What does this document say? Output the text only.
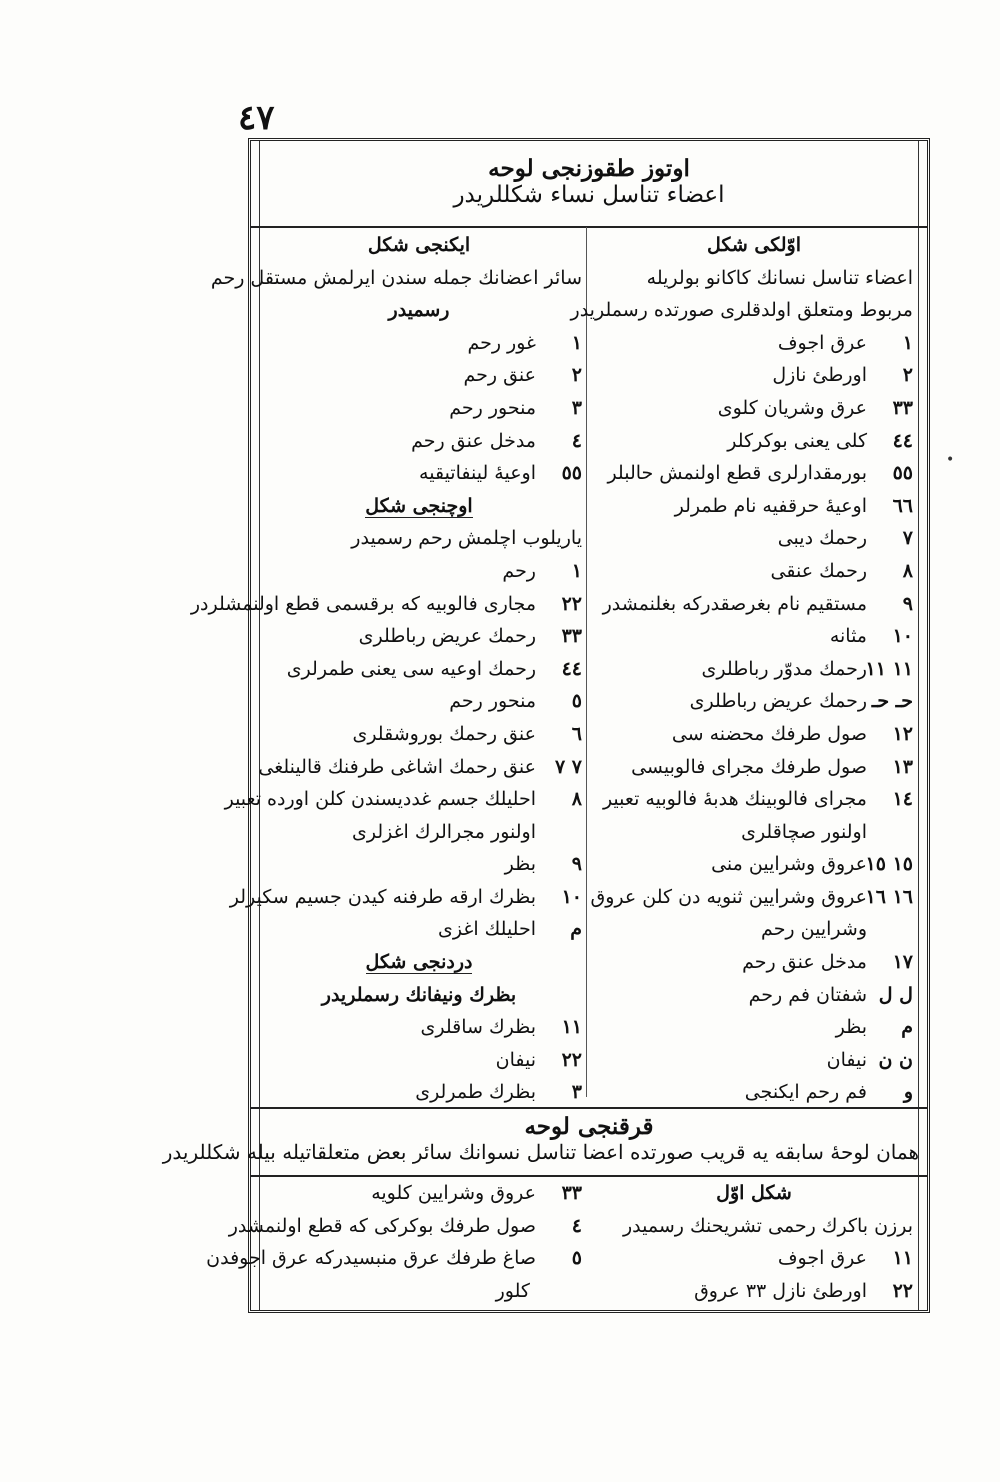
٤٧
اوتوز طقوزنجی لوحه
اعضاء تناسل نساء شكللريدر
اوّلكی شكل
اعضاء تناسل نسانك كاكانو بولريله
مربوط ومتعلق اولدقلری صورتده رسملريدر
١عرق اجوف
٢اورطئ نازل
٣٣عرق وشريان كلوی
٤٤كلی يعنی بوكركلر
٥٥بورمقدارلری قطع اولنمش حالبلر
٦٦اوعيهٔ حرقفيه نام طمرلر
٧رحمك ديبی
٨رحمك عنقی
٩مستقيم نام بغرصقدركه بغلنمشدر
١٠مثانه
١١ ١١رحمك مدوّر رباطلری
حـ حـرحمك عريض رباطلری
١٢صول طرفك محضنه سی
١٣صول طرفك مجرای فالوبيسی
١٤مجرای فالوبينك هدبهٔ فالوبيه تعبير
اولنور صچاقلری
١٥ ١٥عروق وشرايين منی
١٦ ١٦عروق وشرايين ثنويه دن كلن عروق
وشرايين رحم
١٧مدخل عنق رحم
ل لشفتان فم رحم
مبظر
ن ننيفان
وفم رحم ايكنجی
ايكنجی شكل
سائر اعضانك جمله سندن ايرلمش مستقل رحم
رسميدر
١غور رحم
٢عنق رحم
٣منحور رحم
٤مدخل عنق رحم
٥٥اوعيهٔ لينفاتيقيه
اوچنجی شكل
ياريلوب اچلمش رحم رسميدر
١رحم
٢٢مجاری فالوبيه كه برقسمی قطع اولنمشلردر
٣٣رحمك عريض رباطلری
٤٤رحمك اوعيه سی يعنی طمرلری
٥منحور رحم
٦عنق رحمك بوروشقلری
٧ ٧عنق رحمك اشاغی طرفنك قالينلغی
٨احليلك جسم غدديسندن كلن اورده تعبير
اولنور مجرالرك اغزلری
٩بظر
١٠بظرك ارقه طرفنه كيدن جسيم سكيرلر
ماحليلك اغزی
دردنجی شكل
بظرك ونيفانك رسملريدر
١١بظرك ساقلری
٢٢نيفان
٣بظرك طمرلری
قرقنجی لوحه
همان لوحهٔ سابقه يه قريب صورتده اعضا تناسل نسوانك سائر بعض متعلقاتيله بيله شكللريدر
شكل اوّل
برزن باكرك رحمی تشريحنك رسميدر
١١عرق اجوف
٢٢اورطئ نازل ٣٣ عروق
٣٣عروق وشرايين كلويه
٤صول طرفك بوكركی كه قطع اولنمشدر
٥صاغ طرفك عرق منبسيدركه عرق اجوفدن
كلور
•
